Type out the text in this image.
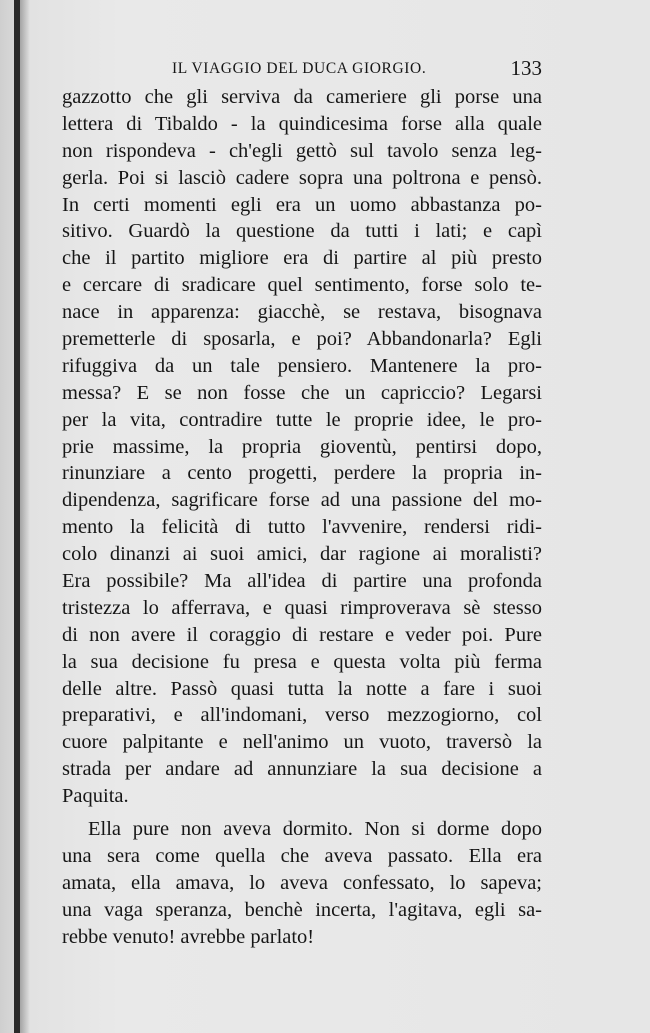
IL VIAGGIO DEL DUCA GIORGIO.	133
gazzotto che gli serviva da cameriere gli porse una
lettera di Tibaldo - la quindicesima forse alla quale
non rispondeva - ch'egli gettò sul tavolo senza leg-
gerla. Poi si lasciò cadere sopra una poltrona e pensò.
In certi momenti egli era un uomo abbastanza po-
sitivo. Guardò la questione da tutti i lati; e capì
che il partito migliore era di partire al più presto
e cercare di sradicare quel sentimento, forse solo te-
nace in apparenza: giacchè, se restava, bisognava
premetterle di sposarla, e poi? Abbandonarla? Egli
rifuggiva da un tale pensiero. Mantenere la pro-
messa? E se non fosse che un capriccio? Legarsi
per la vita, contradire tutte le proprie idee, le pro-
prie massime, la propria gioventù, pentirsi dopo,
rinunziare a cento progetti, perdere la propria in-
dipendenza, sagrificare forse ad una passione del mo-
mento la felicità di tutto l'avvenire, rendersi ridi-
colo dinanzi ai suoi amici, dar ragione ai moralisti?
Era possibile? Ma all'idea di partire una profonda
tristezza lo afferrava, e quasi rimproverava sè stesso
di non avere il coraggio di restare e veder poi. Pure
la sua decisione fu presa e questa volta più ferma
delle altre. Passò quasi tutta la notte a fare i suoi
preparativi, e all'indomani, verso mezzogiorno, col
cuore palpitante e nell'animo un vuoto, traversò la
strada per andare ad annunziare la sua decisione a
Paquita.
Ella pure non aveva dormito. Non si dorme dopo
una sera come quella che aveva passato. Ella era
amata, ella amava, lo aveva confessato, lo sapeva;
una vaga speranza, benchè incerta, l'agitava, egli sa-
rebbe venuto! avrebbe parlato!
